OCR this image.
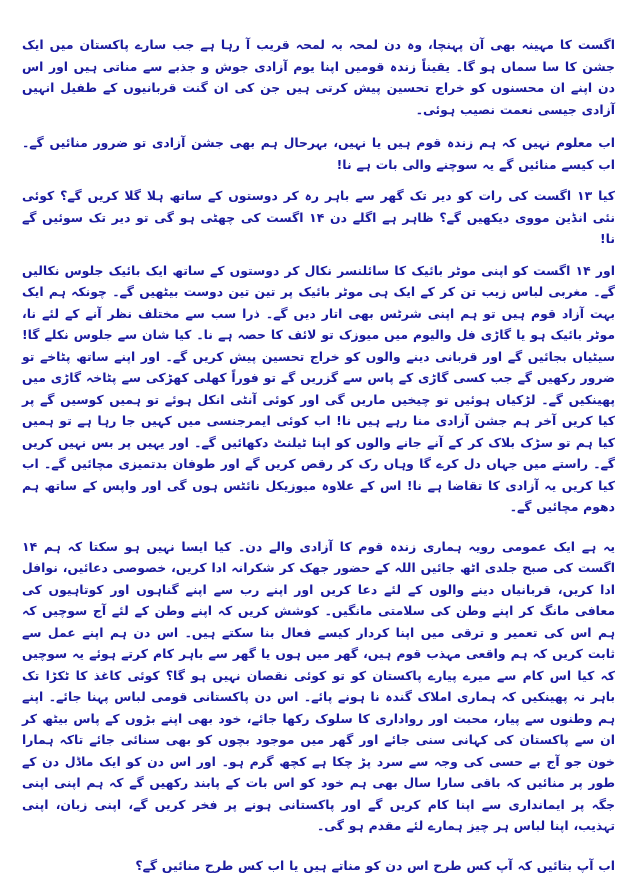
اگست کا مہینہ بھی آن پہنچا، وہ دن لمحہ بہ لمحہ قریب آ رہا ہے جب سارے پاکستان میں ایک جشن کا سا سماں ہو گا۔ یقیناً زندہ قومیں اپنا یوم آزادی جوش و جذبے سے مناتی ہیں اور اس دن اپنے ان محسنوں کو خراج تحسین پیش کرتی ہیں جن کی ان گنت قربانیوں کے طفیل انہیں آزادی جیسی نعمت نصیب ہوئی۔

اب معلوم نہیں کہ ہم زندہ قوم ہیں یا نہیں، بہرحال ہم بھی جشن آزادی تو ضرور منائیں گے۔ اب کیسے منائیں گے یہ سوچنے والی بات ہے نا!

کیا ۱۳ اگست کی رات کو دیر تک گھر سے باہر رہ کر دوستوں کے ساتھ ہلا گلا کریں گے؟ کوئی نئی انڈین مووی دیکھیں گے؟ ظاہر ہے اگلے دن ۱۴ اگست کی چھٹی ہو گی تو دیر تک سوئیں گے نا!

اور ۱۴ اگست کو اپنی موٹر بائیک کا سائلنسر نکال کر دوستوں کے ساتھ ایک بائیک جلوس نکالیں گے۔ مغربی لباس زیب تن کر کے ایک ہی موٹر بائیک پر تین تین دوست بیٹھیں گے۔ چونکہ ہم ایک بہت آزاد قوم ہیں تو ہم اپنی شرٹس بھی اتار دیں گے۔ ذرا سب سے مختلف نظر آنے کے لئے نا، موٹر بائیک ہو یا گاڑی فل والیوم میں میوزک تو لائف کا حصہ ہے نا۔ کیا شان سے جلوس نکلے گا! سیٹیاں بجائیں گے اور قربانی دینے والوں کو خراج تحسین پیش کریں گے۔ اور اپنے ساتھ پٹاخے تو ضرور رکھیں گے جب کسی گاڑی کے پاس سے گزریں گے تو فوراً کھلی کھڑکی سے پٹاخہ گاڑی میں پھینکیں گے۔ لڑکیاں ہوئیں تو چیخیں ماریں گی اور کوئی آنٹی انکل ہوئے تو ہمیں کوسیں گے پر کیا کریں آخر ہم جشن آزادی منا رہے ہیں نا! اب کوئی ایمرجنسی میں کہیں جا رہا ہے تو ہمیں کیا ہم تو سڑک بلاک کر کے آنے جانے والوں کو اپنا ٹیلنٹ دکھائیں گے۔ اور یہیں پر بس نہیں کریں گے۔ راستے میں جہاں دل کرے گا وہاں رک کر رقص کریں گے اور طوفان بدتمیزی مچائیں گے۔ اب کیا کریں یہ آزادی کا تقاضا ہے نا! اس کے علاوہ میوزیکل نائٹس ہوں گی اور واپس کے ساتھ ہم دھوم مچائیں گے۔

یہ ہے ایک عمومی رویہ ہماری زندہ قوم کا آزادی والے دن۔ کیا ایسا نہیں ہو سکتا کہ ہم ۱۴ اگست کی صبح جلدی اٹھ جائیں اللہ کے حضور جھک کر شکرانہ ادا کریں، خصوصی دعائیں، نوافل ادا کریں، قربانیاں دینے والوں کے لئے دعا کریں اور اپنے رب سے اپنے گناہوں اور کوتاہیوں کی معافی مانگ کر اپنے وطن کی سلامتی مانگیں۔ کوشش کریں کہ اپنے وطن کے لئے آج سوچیں کہ ہم اس کی تعمیر و ترقی میں اپنا کردار کیسے فعال بنا سکتے ہیں۔ اس دن ہم اپنے عمل سے ثابت کریں کہ ہم واقعی مہذب قوم ہیں، گھر میں ہوں یا گھر سے باہر کام کرتے ہوئے یہ سوچیں کہ کیا اس کام سے میرے پیارے پاکستان کو تو کوئی نقصان نہیں ہو گا؟ کوئی کاغذ کا ٹکڑا تک باہر نہ پھینکیں کہ ہماری املاک گندہ نا ہونے پائے۔ اس دن پاکستانی قومی لباس پہنا جائے۔ اپنے ہم وطنوں سے پیار، محبت اور رواداری کا سلوک رکھا جائے، خود بھی اپنے بڑوں کے پاس بیٹھ کر ان سے پاکستان کی کہانی سنی جائے اور گھر میں موجود بچوں کو بھی سنائی جائے تاکہ ہمارا خون جو آج بے حسی کی وجہ سے سرد پڑ چکا ہے کچھ گرم ہو۔ اور اس دن کو ایک ماڈل دن کے طور پر منائیں کہ باقی سارا سال بھی ہم خود کو اس بات کے پابند رکھیں گے کہ ہم اپنی اپنی جگہ پر ایمانداری سے اپنا کام کریں گے اور پاکستانی ہونے پر فخر کریں گے، اپنی زبان، اپنی تہذیب، اپنا لباس ہر چیز ہمارے لئے مقدم ہو گی۔

اب آپ بتائیں کہ آپ کس طرح اس دن کو مناتے ہیں یا اب کس طرح منائیں گے؟
